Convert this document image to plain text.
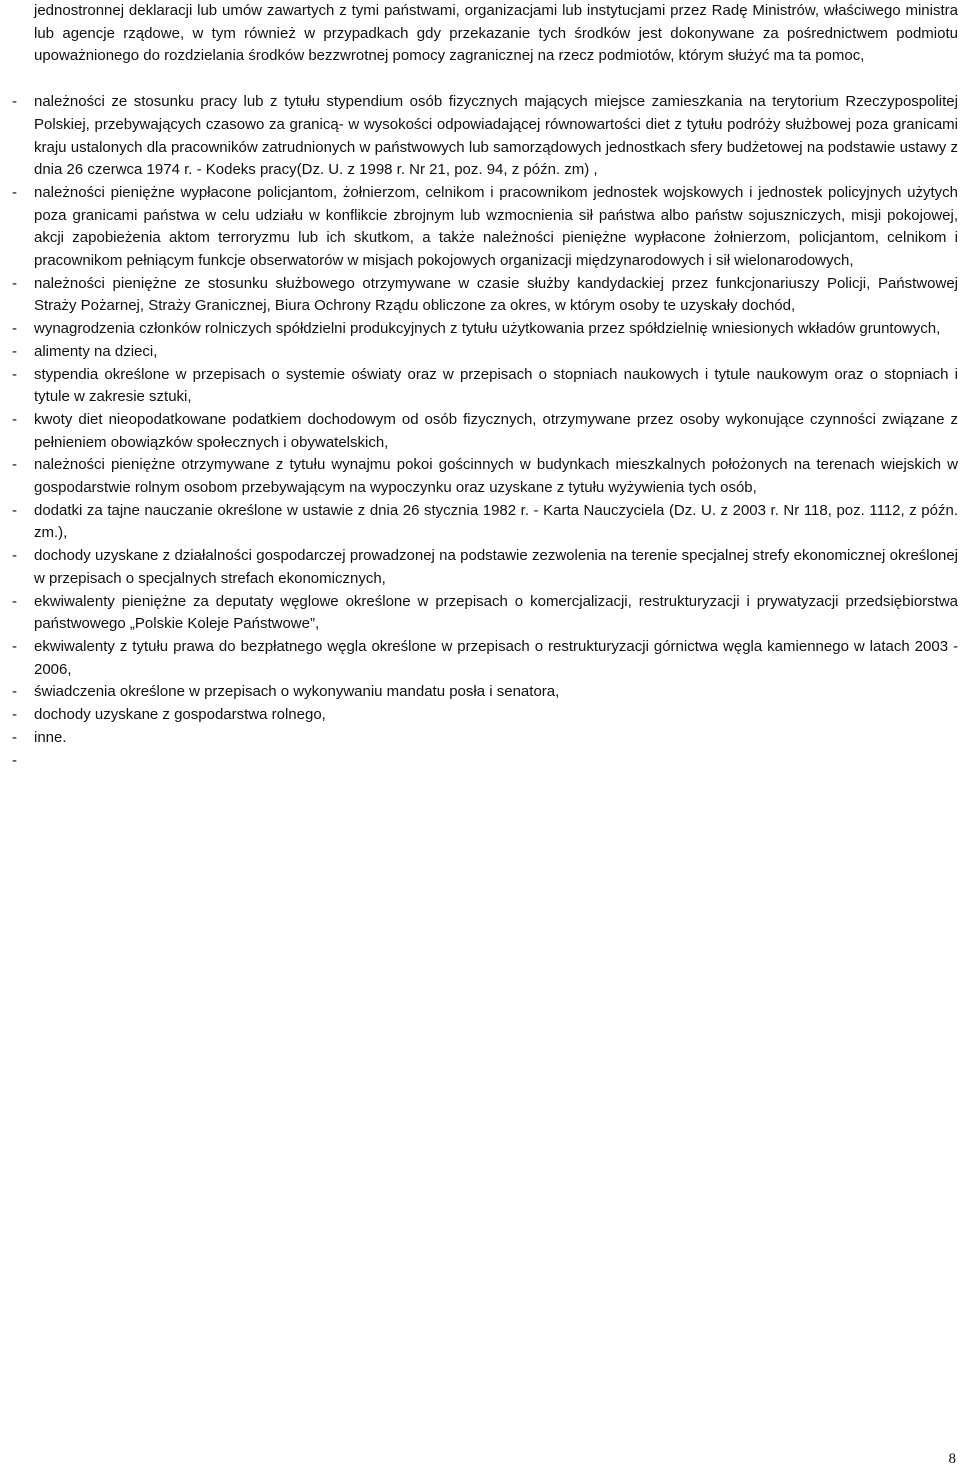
jednostronnej deklaracji lub umów zawartych z tymi państwami, organizacjami lub instytucjami przez Radę Ministrów, właściwego ministra lub agencje rządowe, w tym również w przypadkach gdy przekazanie tych środków jest dokonywane za pośrednictwem podmiotu upoważnionego do rozdzielania środków bezzwrotnej pomocy zagranicznej na rzecz podmiotów, którym służyć ma ta pomoc,

-	należności ze stosunku pracy lub z tytułu stypendium osób fizycznych mających miejsce zamieszkania na terytorium Rzeczypospolitej Polskiej, przebywających czasowo za granicą- w wysokości odpowiadającej równowartości diet z tytułu podróży służbowej poza granicami kraju ustalonych dla pracowników zatrudnionych w państwowych lub samorządowych jednostkach sfery budżetowej na podstawie ustawy z dnia 26 czerwca 1974 r. - Kodeks pracy(Dz. U. z 1998 r. Nr 21, poz. 94, z późn. zm) ,
-	należności pieniężne wypłacone policjantom, żołnierzom, celnikom i pracownikom jednostek wojskowych i jednostek policyjnych użytych poza granicami państwa w celu udziału w konflikcie zbrojnym lub wzmocnienia sił państwa albo państw sojuszniczych, misji pokojowej, akcji zapobieżenia aktom terroryzmu lub ich skutkom, a także należności pieniężne wypłacone żołnierzom, policjantom, celnikom i pracownikom pełniącym funkcje obserwatorów w misjach pokojowych organizacji międzynarodowych i sił wielonarodowych,
-	należności pieniężne ze stosunku służbowego otrzymywane w czasie służby kandydackiej przez funkcjonariuszy Policji, Państwowej Straży Pożarnej, Straży Granicznej, Biura Ochrony Rządu obliczone za okres, w którym osoby te uzyskały dochód,
-	wynagrodzenia członków rolniczych spółdzielni produkcyjnych z tytułu użytkowania przez spółdzielnię wniesionych wkładów gruntowych,
-	alimenty na dzieci,
-	stypendia określone w przepisach o systemie oświaty oraz w przepisach o stopniach naukowych i tytule naukowym oraz o stopniach i tytule w zakresie sztuki,
-	kwoty diet nieopodatkowane podatkiem dochodowym od osób fizycznych, otrzymywane przez osoby wykonujące czynności związane z pełnieniem obowiązków społecznych i obywatelskich,
-	należności pieniężne otrzymywane z tytułu wynajmu pokoi gościnnych w budynkach mieszkalnych położonych na terenach wiejskich w gospodarstwie rolnym osobom przebywającym na wypoczynku oraz uzyskane z tytułu wyżywienia tych osób,
-	dodatki za tajne nauczanie określone w ustawie z dnia 26 stycznia 1982 r. - Karta Nauczyciela (Dz. U. z 2003 r. Nr 118, poz. 1112, z późn. zm.),
-	dochody uzyskane z działalności gospodarczej prowadzonej na podstawie zezwolenia na terenie specjalnej strefy ekonomicznej określonej w przepisach o specjalnych strefach ekonomicznych,
-	ekwiwalenty pieniężne za deputaty węglowe określone w przepisach o komercjalizacji, restrukturyzacji i prywatyzacji przedsiębiorstwa państwowego „Polskie Koleje Państwowe”,
-	ekwiwalenty z tytułu prawa do bezpłatnego węgla określone w przepisach o restrukturyzacji górnictwa węgla kamiennego w latach 2003 - 2006,
-	świadczenia określone w przepisach o wykonywaniu mandatu posła i senatora,
-	dochody uzyskane z gospodarstwa rolnego,
-	inne.
-
8
